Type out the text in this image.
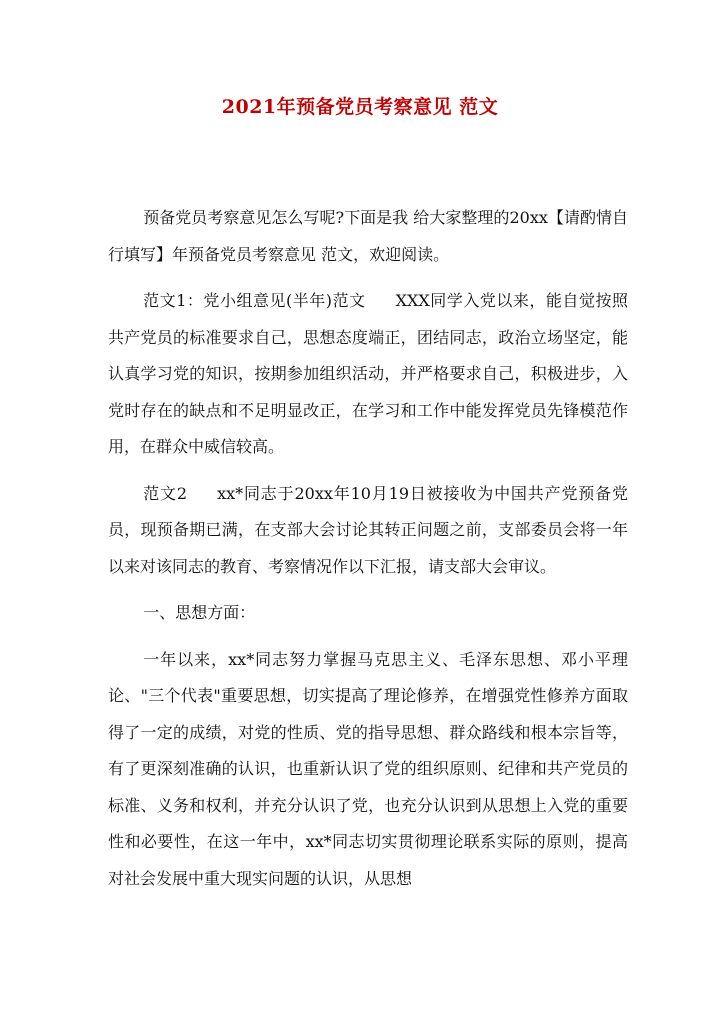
2021年预备党员考察意见 范文

预备党员考察意见怎么写呢?下面是我 给大家整理的20xx【请酌情自行填写】年预备党员考察意见 范文，欢迎阅读。

范文1：党小组意见(半年)范文 XXX同学入党以来，能自觉按照共产党员的标准要求自己，思想态度端正，团结同志，政治立场坚定，能认真学习党的知识，按期参加组织活动，并严格要求自己，积极进步，入党时存在的缺点和不足明显改正，在学习和工作中能发挥党员先锋模范作用，在群众中威信较高。

范文2 xx*同志于20xx年10月19日被接收为中国共产党预备党员，现预备期已满，在支部大会讨论其转正问题之前，支部委员会将一年以来对该同志的教育、考察情况作以下汇报，请支部大会审议。

一、思想方面：

一年以来，xx*同志努力掌握马克思主义、毛泽东思想、邓小平理论、"三个代表"重要思想，切实提高了理论修养，在增强党性修养方面取得了一定的成绩，对党的性质、党的指导思想、群众路线和根本宗旨等，有了更深刻准确的认识，也重新认识了党的组织原则、纪律和共产党员的标准、义务和权利，并充分认识了党，也充分认识到从思想上入党的重要性和必要性，在这一年中，xx*同志切实贯彻理论联系实际的原则，提高对社会发展中重大现实问题的认识，从思想
